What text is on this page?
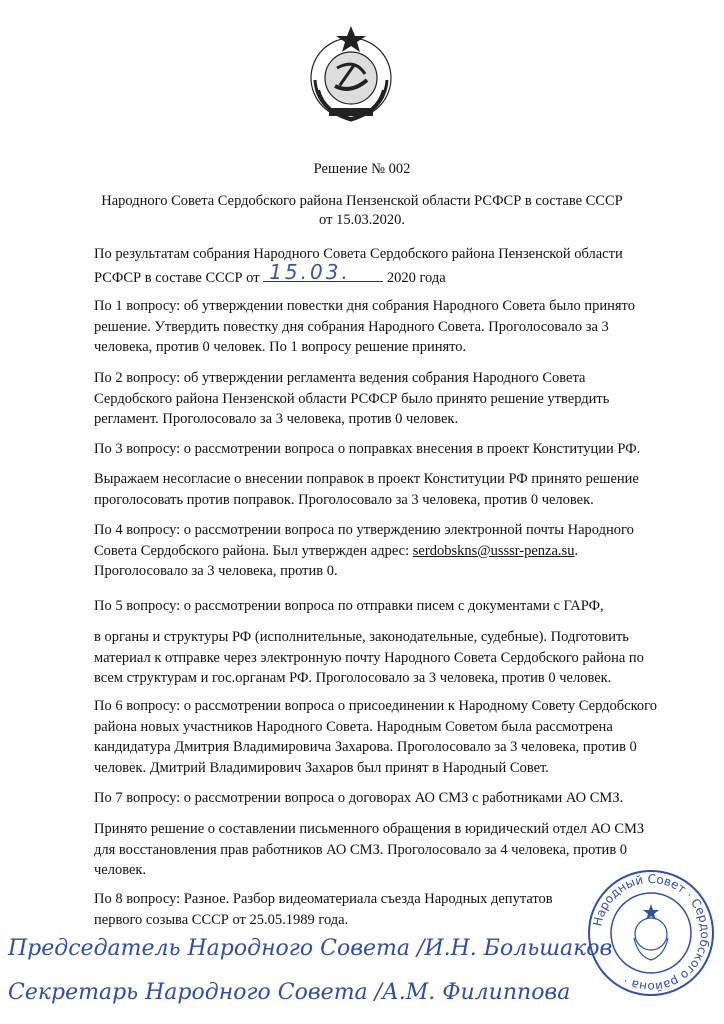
Решение № 002
Народного Совета Сердобского района Пензенской области РСФСР в составе СССР
от 15.03.2020.

По результатам собрания Народного Совета Сердобского района Пензенской области РСФСР в составе СССР от 15.03. 2020 года

По 1 вопросу: об утверждении повестки дня собрания Народного Совета было принято решение. Утвердить повестку дня собрания Народного Совета. Проголосовало за 3 человека, против 0 человек. По 1 вопросу решение принято.

По 2 вопросу: об утверждении регламента ведения собрания Народного Совета Сердобского района Пензенской области РСФСР было принято решение утвердить регламент. Проголосовало за 3 человека, против 0 человек.

По 3 вопросу: о рассмотрении вопроса о поправках внесения в проект Конституции РФ.

Выражаем несогласие о внесении поправок в проект Конституции РФ принято решение проголосовать против поправок. Проголосовало за 3 человека, против 0 человек.

По 4 вопросу: о рассмотрении вопроса по утверждению электронной почты Народного Совета Сердобского района. Был утвержден адрес: serdobskns@usssr-penza.su. Проголосовало за 3 человека, против 0.

По 5 вопросу: о рассмотрении вопроса по отправки писем с документами с ГАРФ,

в органы и структуры РФ (исполнительные, законодательные, судебные). Подготовить материал к отправке через электронную почту Народного Совета Сердобского района по всем структурам и гос.органам РФ. Проголосовало за 3 человека, против 0 человек.

По 6 вопросу: о рассмотрении вопроса о присоединении к Народному Совету Сердобского района новых участников Народного Совета. Народным Советом была рассмотрена кандидатура Дмитрия Владимировича Захарова. Проголосовало за 3 человека, против 0 человек. Дмитрий Владимирович Захаров был принят в Народный Совет.

По 7 вопросу: о рассмотрении вопроса о договорах АО СМЗ с работниками АО СМЗ.

Принято решение о составлении письменного обращения в юридический отдел АО СМЗ для восстановления прав работников АО СМЗ. Проголосовало за 4 человека, против 0 человек.

По 8 вопросу: Разное. Разбор видеоматериала съезда Народных депутатов первого созыва СССР от 25.05.1989 года.

Председатель Народного Совета /И.Н. Большаков
Секретарь Народного Совета /А.М. Филиппова
Народный Совет · Сердобского района ·
